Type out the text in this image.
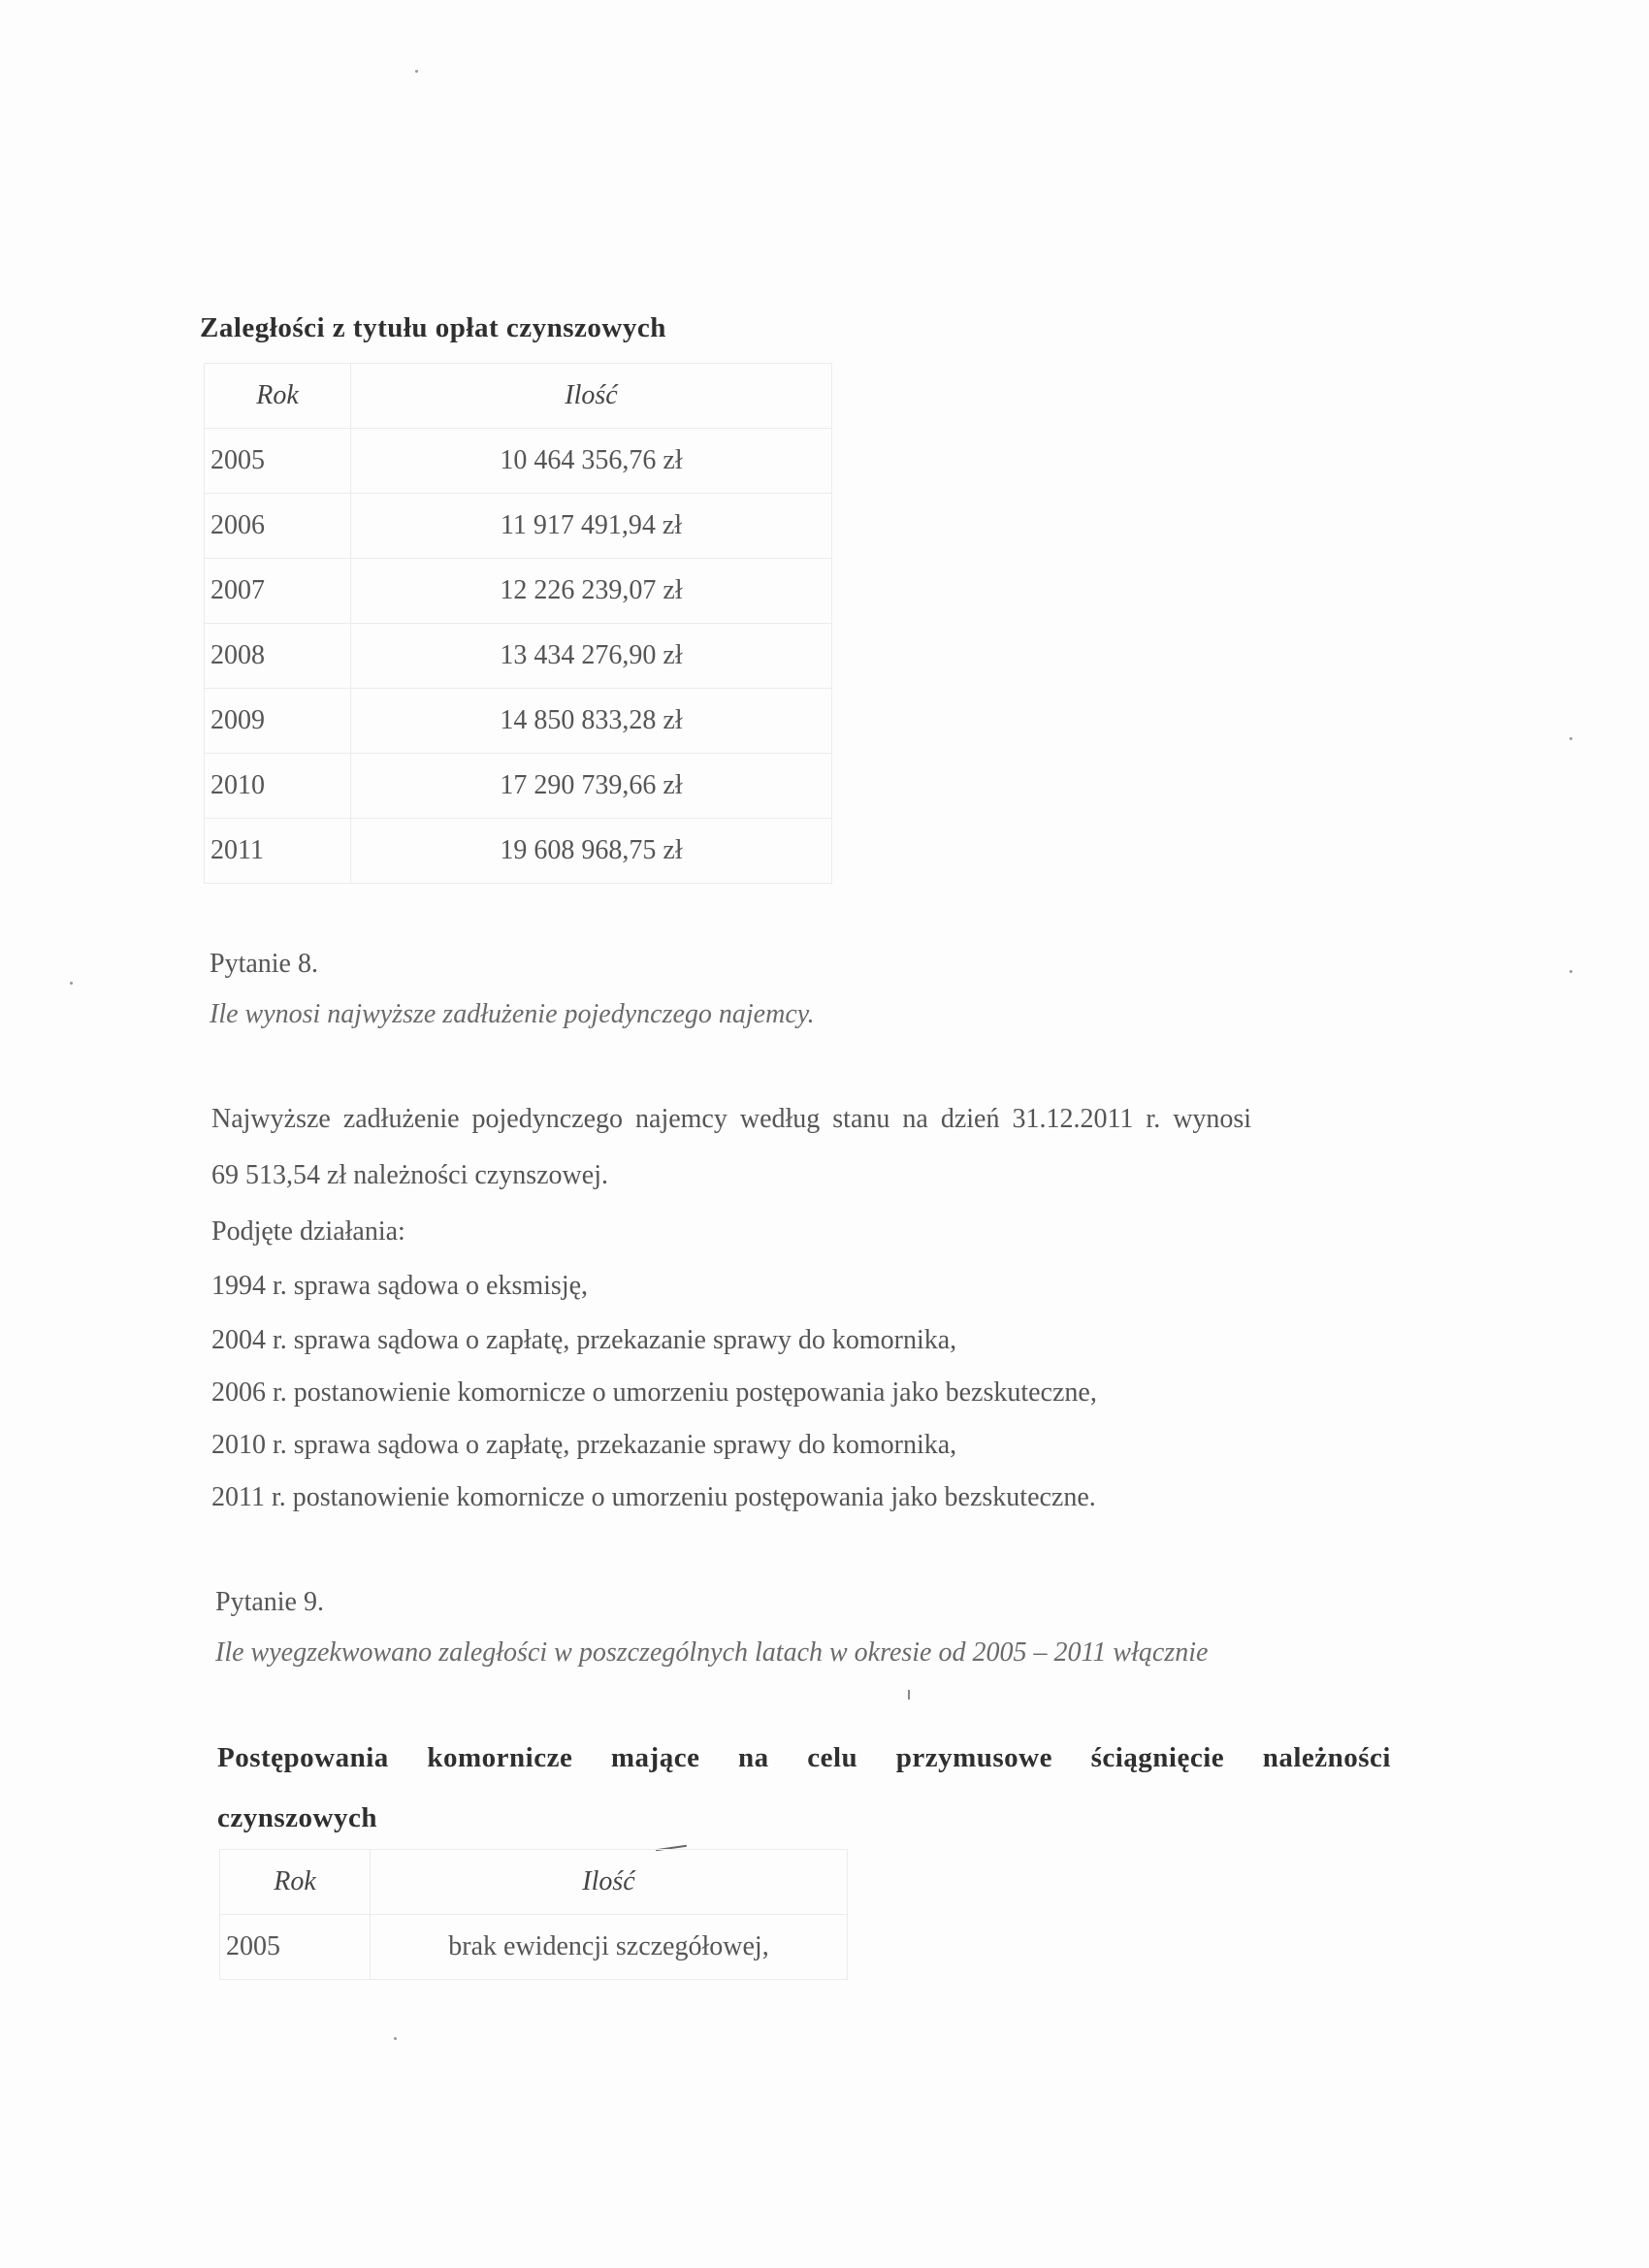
Zaległości z tytułu opłat czynszowych
Rok	Ilość
2005	10 464 356,76 zł
2006	11 917 491,94 zł
2007	12 226 239,07 zł
2008	13 434 276,90 zł
2009	14 850 833,28 zł
2010	17 290 739,66 zł
2011	19 608 968,75 zł
Pytanie 8.
Ile wynosi najwyższe zadłużenie pojedynczego najemcy.
Najwyższe zadłużenie pojedynczego najemcy według stanu na dzień 31.12.2011 r. wynosi
69 513,54 zł należności czynszowej.
Podjęte działania:
1994 r. sprawa sądowa o eksmisję,
2004 r. sprawa sądowa o zapłatę, przekazanie sprawy do komornika,
2006 r. postanowienie komornicze o umorzeniu postępowania jako bezskuteczne,
2010 r. sprawa sądowa o zapłatę, przekazanie sprawy do komornika,
2011 r. postanowienie komornicze o umorzeniu postępowania jako bezskuteczne.
Pytanie 9.
Ile wyegzekwowano zaległości w poszczególnych latach w okresie od 2005 – 2011 włącznie
Postępowania komornicze mające na celu przymusowe ściągnięcie należności
czynszowych
Rok	Ilość
2005	brak ewidencji szczegółowej,
